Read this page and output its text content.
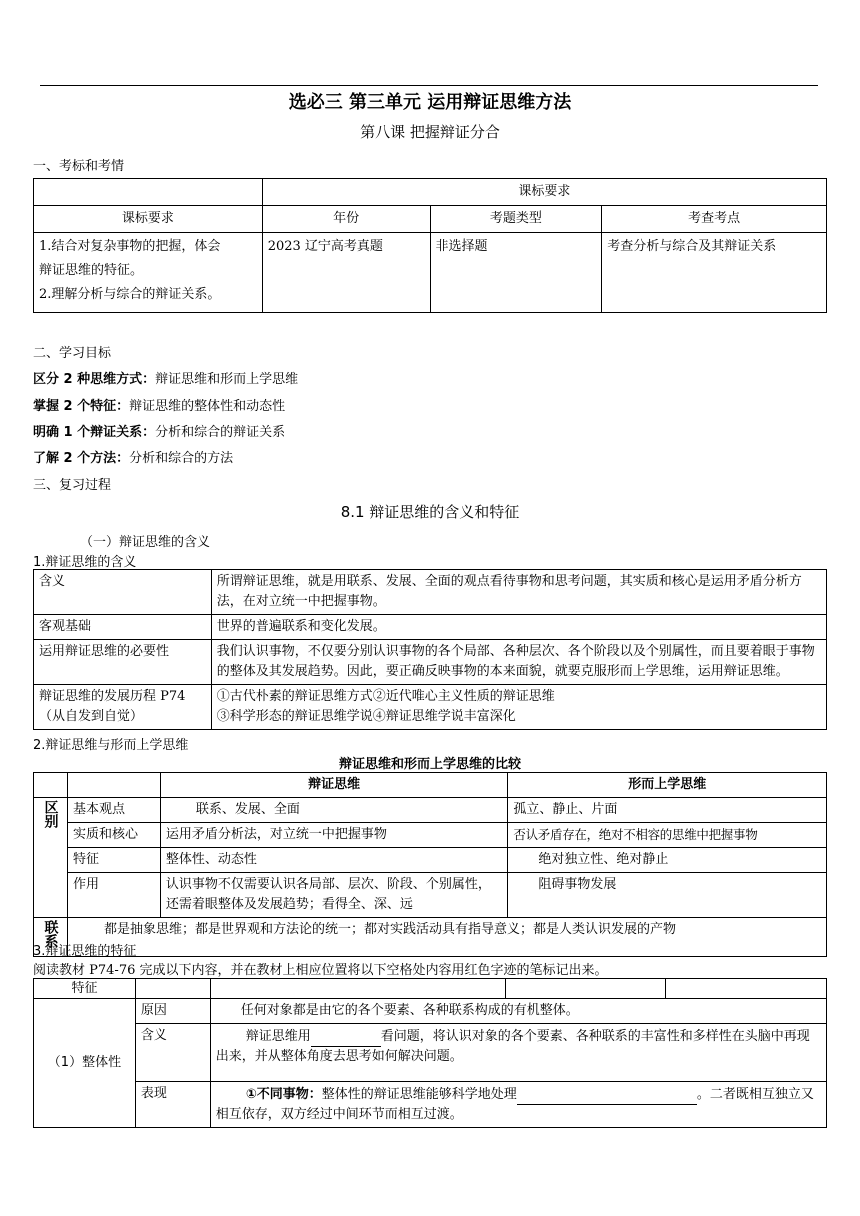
选必三 第三单元 运用辩证思维方法
第八课 把握辩证分合
一、考标和考情
	课标要求		
课标要求	年份	考题类型	考查考点

1.结合对复杂事物的把握，体会
辩证思维的特征。
2.理解分析与综合的辩证关系。	2023 辽宁高考真题	非选择题	考查分析与综合及其辩证关系
二、学习目标
区分 2 种思维方式：辩证思维和形而上学思维
掌握 2 个特征：辩证思维的整体性和动态性
明确 1 个辩证关系：分析和综合的辩证关系
了解 2 个方法：分析和综合的方法
三、复习过程
8.1 辩证思维的含义和特征
（一）辩证思维的含义
1.辩证思维的含义
含义	所谓辩证思维，就是用联系、发展、全面的观点看待事物和思考问题，其实质和核心是运用矛盾分析方法，在对立统一中把握事物。
客观基础	世界的普遍联系和变化发展。
运用辩证思维的必要性	我们认识事物，不仅要分别认识事物的各个局部、各种层次、各个阶段以及个别属性，而且要着眼于事物的整体及其发展趋势。因此，要正确反映事物的本来面貌，就要克服形而上学思维，运用辩证思维。
辩证思维的发展历程 P74（从自发到自觉）	①古代朴素的辩证思维方式②近代唯心主义性质的辩证思维
③科学形态的辩证思维学说④辩证思维学说丰富深化
2.辩证思维与形而上学思维
辩证思维和形而上学思维的比较
		辩证思维	形而上学思维
区别	基本观点	联系、发展、全面	孤立、静止、片面
	实质和核心	运用矛盾分析法，对立统一中把握事物	否认矛盾存在，绝对不相容的思维中把握事物
	特征	整体性、动态性	绝对独立性、绝对静止
	作用	认识事物不仅需要认识各局部、层次、阶段、个别属性，还需着眼整体及发展趋势；看得全、深、远	阻碍事物发展
联系	都是抽象思维；都是世界观和方法论的统一；都对实践活动具有指导意义；都是人类认识发展的产物		
3.辩证思维的特征
阅读教材 P74-76 完成以下内容，并在教材上相应位置将以下空格处内容用红色字迹的笔标记出来。
特征				
（1）整体性	原因	任何对象都是由它的各个要素、各种联系构成的有机整体。		
	含义	辩证思维用 看问题，将认识对象的各个要素、各种联系的丰富性和多样性在头脑中再现出来，并从整体角度去思考如何解决问题。		
	表现	①不同事物：整体性的辩证思维能够科学地处理 。二者既相互独立又相互依存，双方经过中间环节而相互过渡。		
